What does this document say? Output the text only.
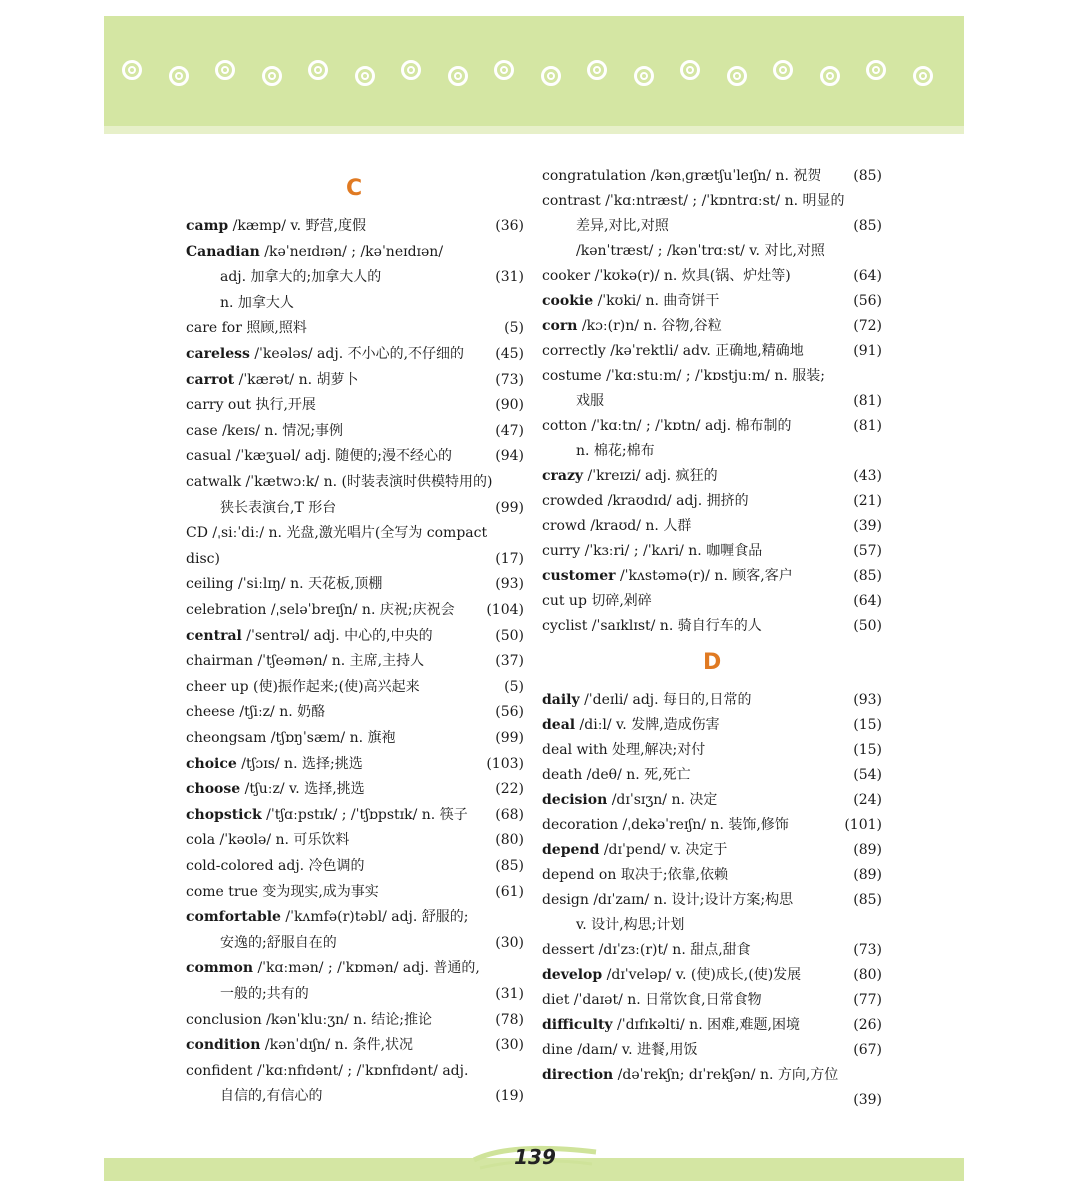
C
D
camp /kæmp/ v. 野营,度假	(36)
Canadian /kəˈneɪdɪən/ ; /kəˈneɪdɪən/
adj. 加拿大的;加拿大人的	(31)
n. 加拿大人
care for 照顾,照料	(5)
careless /ˈkeələs/ adj. 不小心的,不仔细的 (45)
carrot /ˈkærət/ n. 胡萝卜	(73)
carry out 执行,开展	(90)
case /keɪs/ n. 情况;事例	(47)
casual /ˈkæʒuəl/ adj. 随便的;漫不经心的	(94)
catwalk /ˈkætwɔːk/ n. (时装表演时供模特用的)
狭长表演台,T 形台	(99)
CD /ˌsiːˈdiː/ n. 光盘,激光唱片(全写为 compact
disc)	(17)
ceiling /ˈsiːlɪŋ/ n. 天花板,顶棚	(93)
celebration /ˌseləˈbreɪʃn/ n. 庆祝;庆祝会 (104)
central /ˈsentrəl/ adj. 中心的,中央的	(50)
chairman /ˈtʃeəmən/ n. 主席,主持人	(37)
cheer up (使)振作起来;(使)高兴起来	(5)
cheese /tʃiːz/ n. 奶酪	(56)
cheongsam /tʃɒŋˈsæm/ n. 旗袍	(99)
choice /tʃɔɪs/ n. 选择;挑选	(103)
choose /tʃuːz/ v. 选择,挑选	(22)
chopstick /ˈtʃɑːpstɪk/ ; /ˈtʃɒpstɪk/ n. 筷子 (68)
cola /ˈkəʊlə/ n. 可乐饮料	(80)
cold-colored adj. 冷色调的	(85)
come true 变为现实,成为事实	(61)
comfortable /ˈkʌmfə(r)təbl/ adj. 舒服的;
安逸的;舒服自在的	(30)
common /ˈkɑːmən/ ; /ˈkɒmən/ adj. 普通的,
一般的;共有的	(31)
conclusion /kənˈkluːʒn/ n. 结论;推论	(78)
condition /kənˈdɪʃn/ n. 条件,状况	(30)
confident /ˈkɑːnfɪdənt/ ; /ˈkɒnfɪdənt/ adj.
自信的,有信心的	(19)
congratulation /kənˌɡrætʃuˈleɪʃn/ n. 祝贺 (85)
contrast /ˈkɑːntræst/ ; /ˈkɒntrɑːst/ n. 明显的
差异,对比,对照	(85)
/kənˈtræst/ ; /kənˈtrɑːst/ v. 对比,对照
cooker /ˈkʊkə(r)/ n. 炊具(锅、炉灶等)	(64)
cookie /ˈkʊki/ n. 曲奇饼干	(56)
corn /kɔː(r)n/ n. 谷物,谷粒	(72)
correctly /kəˈrektli/ adv. 正确地,精确地	(91)
costume /ˈkɑːstuːm/ ; /ˈkɒstjuːm/ n. 服装;
戏服	(81)
cotton /ˈkɑːtn/ ; /ˈkɒtn/ adj. 棉布制的	(81)
n. 棉花;棉布
crazy /ˈkreɪzi/ adj. 疯狂的	(43)
crowded /kraʊdɪd/ adj. 拥挤的	(21)
crowd /kraʊd/ n. 人群	(39)
curry /ˈkɜːri/ ; /ˈkʌri/ n. 咖喱食品	(57)
customer /ˈkʌstəmə(r)/ n. 顾客,客户	(85)
cut up 切碎,剁碎	(64)
cyclist /ˈsaɪklɪst/ n. 骑自行车的人	(50)
daily /ˈdeɪli/ adj. 每日的,日常的	(93)
deal /diːl/ v. 发牌,造成伤害	(15)
deal with 处理,解决;对付	(15)
death /deθ/ n. 死,死亡	(54)
decision /dɪˈsɪʒn/ n. 决定	(24)
decoration /ˌdekəˈreɪʃn/ n. 装饰,修饰	(101)
depend /dɪˈpend/ v. 决定于	(89)
depend on 取决于;依靠,依赖	(89)
design /dɪˈzaɪn/ n. 设计;设计方案;构思	(85)
v. 设计,构思;计划
dessert /dɪˈzɜː(r)t/ n. 甜点,甜食	(73)
develop /dɪˈveləp/ v. (使)成长,(使)发展	(80)
diet /ˈdaɪət/ n. 日常饮食,日常食物	(77)
difficulty /ˈdɪfɪkəlti/ n. 困难,难题,困境	(26)
dine /daɪn/ v. 进餐,用饭	(67)
direction /dəˈrekʃn; dɪˈrekʃən/ n. 方向,方位
(39)
139
